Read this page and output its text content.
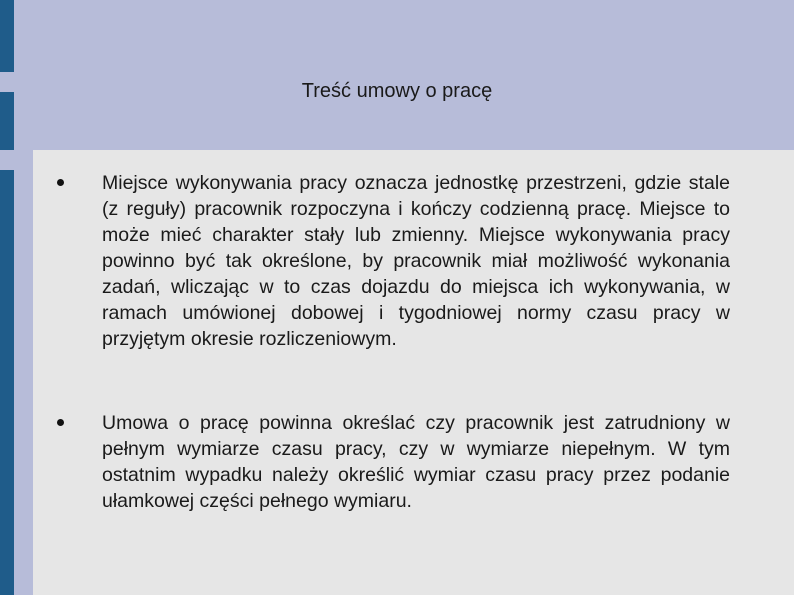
Treść umowy o pracę

Miejsce wykonywania pracy oznacza jednostkę przestrzeni, gdzie stale (z reguły) pracownik rozpoczyna i kończy codzienną pracę. Miejsce to może mieć charakter stały lub zmienny. Miejsce wykonywania pracy powinno być tak określone, by pracownik miał możliwość wykonania zadań, wliczając w to czas dojazdu do miejsca ich wykonywania, w ramach umówionej dobowej i tygodniowej normy czasu pracy w przyjętym okresie rozliczeniowym.

Umowa o pracę powinna określać czy pracownik jest zatrudniony w pełnym wymiarze czasu pracy, czy w wymiarze niepełnym. W tym ostatnim wypadku należy określić wymiar czasu pracy przez podanie ułamkowej części pełnego wymiaru.
